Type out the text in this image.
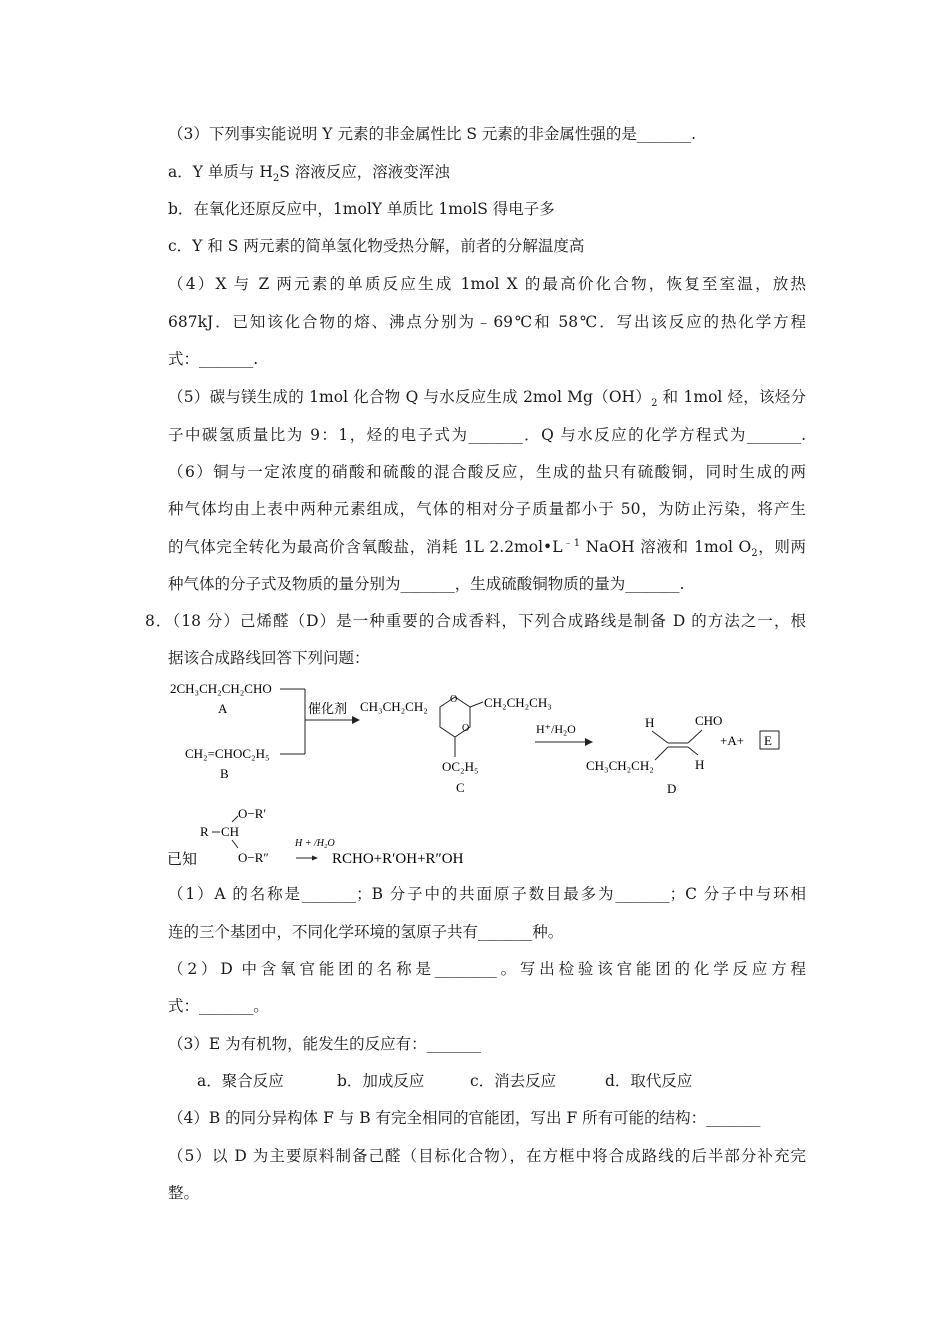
（3）下列事实能说明 Y 元素的非金属性比 S 元素的非金属性强的是_______.
a．Y 单质与 $H_2S$ 溶液反应，溶液变浑浊
b．在氧化还原反应中，1molY 单质比 1molS 得电子多
c．Y 和 S 两元素的简单氢化物受热分解，前者的分解温度高
（4）X 与 Z 两元素的单质反应生成 1mol X 的最高价化合物，恢复至室温，放热
687kJ．已知该化合物的熔、沸点分别为﹣69℃和 58℃．写出该反应的热化学方程
式：_______.
（5）碳与镁生成的 1mol 化合物 Q 与水反应生成 2mol $Mg(OH)_2$ 和 1mol 烃，该烃分
子中碳氢质量比为 9：1，烃的电子式为_______．Q 与水反应的化学方程式为_______.
（6）铜与一定浓度的硝酸和硫酸的混合酸反应，生成的盐只有硫酸铜，同时生成的两
种气体均由上表中两种元素组成，气体的相对分子质量都小于 50，为防止污染，将产生
的气体完全转化为最高价含氧酸盐，消耗 1L $2.2mol•L^{﹣1}$ NaOH 溶液和 1mol $O_2$，则两
种气体的分子式及物质的量分别为_______，生成硫酸铜物质的量为_______.
8．（18 分）己烯醛（D）是一种重要的合成香料，下列合成路线是制备 D 的方法之一，根
据该合成路线回答下列问题：
2CH₃CH₂CH₂CHO
A
CH₂=CHOC₂H₅
B
催化剂 CH₃CH₂CH₂ O
O
CH₂CH₂CH₃
OC₂H₅
C
H⁺/H₂O	H	CHO
CH₃CH₂CH₂	H
D
+A+ E
已知
R CH
O−R′
O−R″
H + /H₂O
RCHO+R′OH+R″OH
（1）A 的名称是_______；B 分子中的共面原子数目最多为_______；C 分子中与环相
连的三个基团中，不同化学环境的氢原子共有_______种。
（2）D 中含氧官能团的名称是________。写出检验该官能团的化学反应方程
式：_______。
（3）E 为有机物，能发生的反应有：_______
a．聚合反应	b．加成反应	c．消去反应	d．取代反应
（4）B 的同分异构体 F 与 B 有完全相同的官能团，写出 F 所有可能的结构：_______
（5）以 D 为主要原料制备己醛（目标化合物），在方框中将合成路线的后半部分补充完
整。
